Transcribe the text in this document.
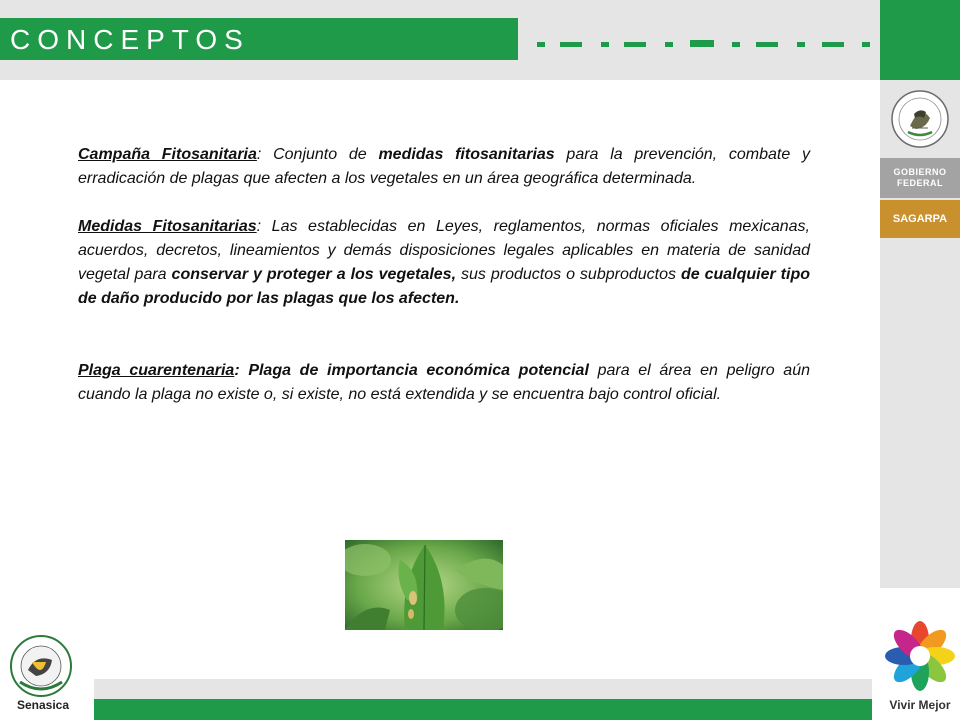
CONCEPTOS
GOBIERNO
FEDERAL
SAGARPA

Campaña Fitosanitaria: Conjunto de medidas fitosanitarias para la prevención, combate y erradicación de plagas que afecten a los vegetales en un área geográfica determinada.

Medidas Fitosanitarias: Las establecidas en Leyes, reglamentos, normas oficiales mexicanas, acuerdos, decretos, lineamientos y demás disposiciones legales aplicables en materia de sanidad vegetal para conservar y proteger a los vegetales, sus productos o subproductos de cualquier tipo de daño producido por las plagas que los afecten.

Plaga cuarentenaria: Plaga de importancia económica potencial para el área en peligro aún cuando la plaga no existe o, si existe, no está extendida y se encuentra bajo control oficial.

Senasica	Vivir Mejor
